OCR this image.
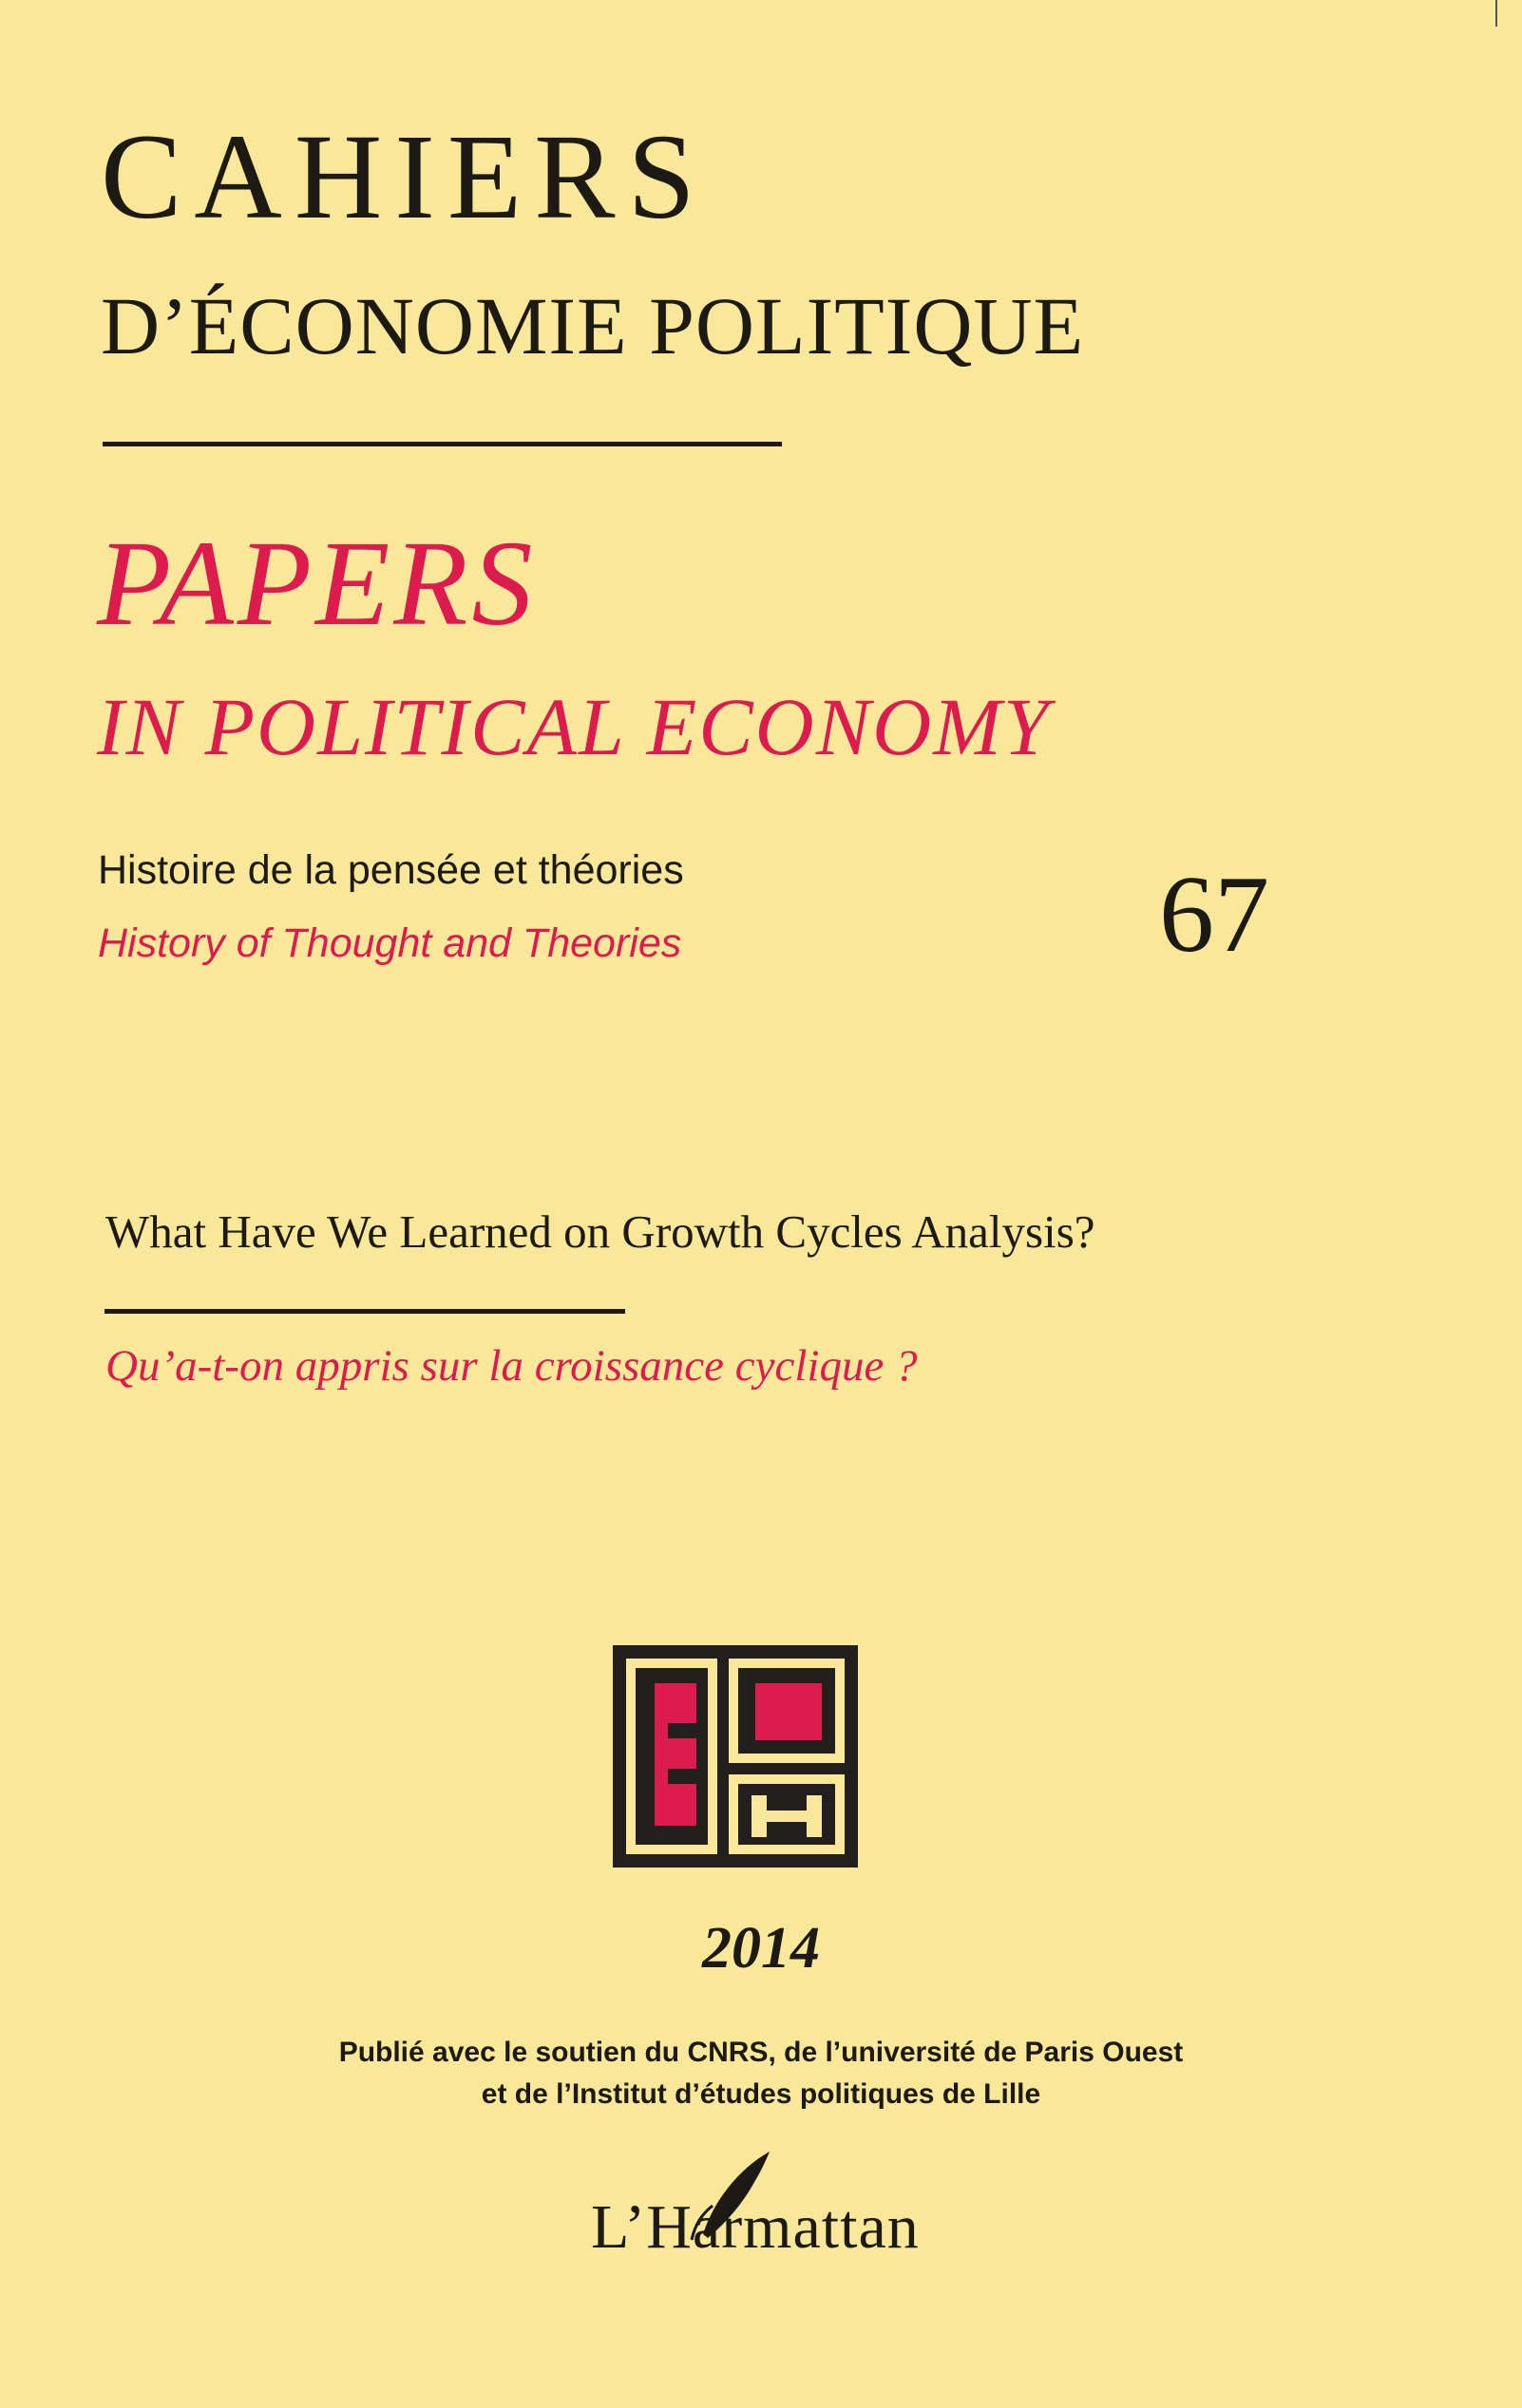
CAHIERS
D’ÉCONOMIE POLITIQUE
PAPERS
IN POLITICAL ECONOMY

Histoire de la pensée et théories

History of Thought and Theories	67

What Have We Learned on Growth Cycles Analysis?

Qu’a-t-on appris sur la croissance cyclique ?

2014

Publié avec le soutien du CNRS, de l’université de Paris Ouest

et de l’Institut d’études politiques de Lille

L’Harmattan
